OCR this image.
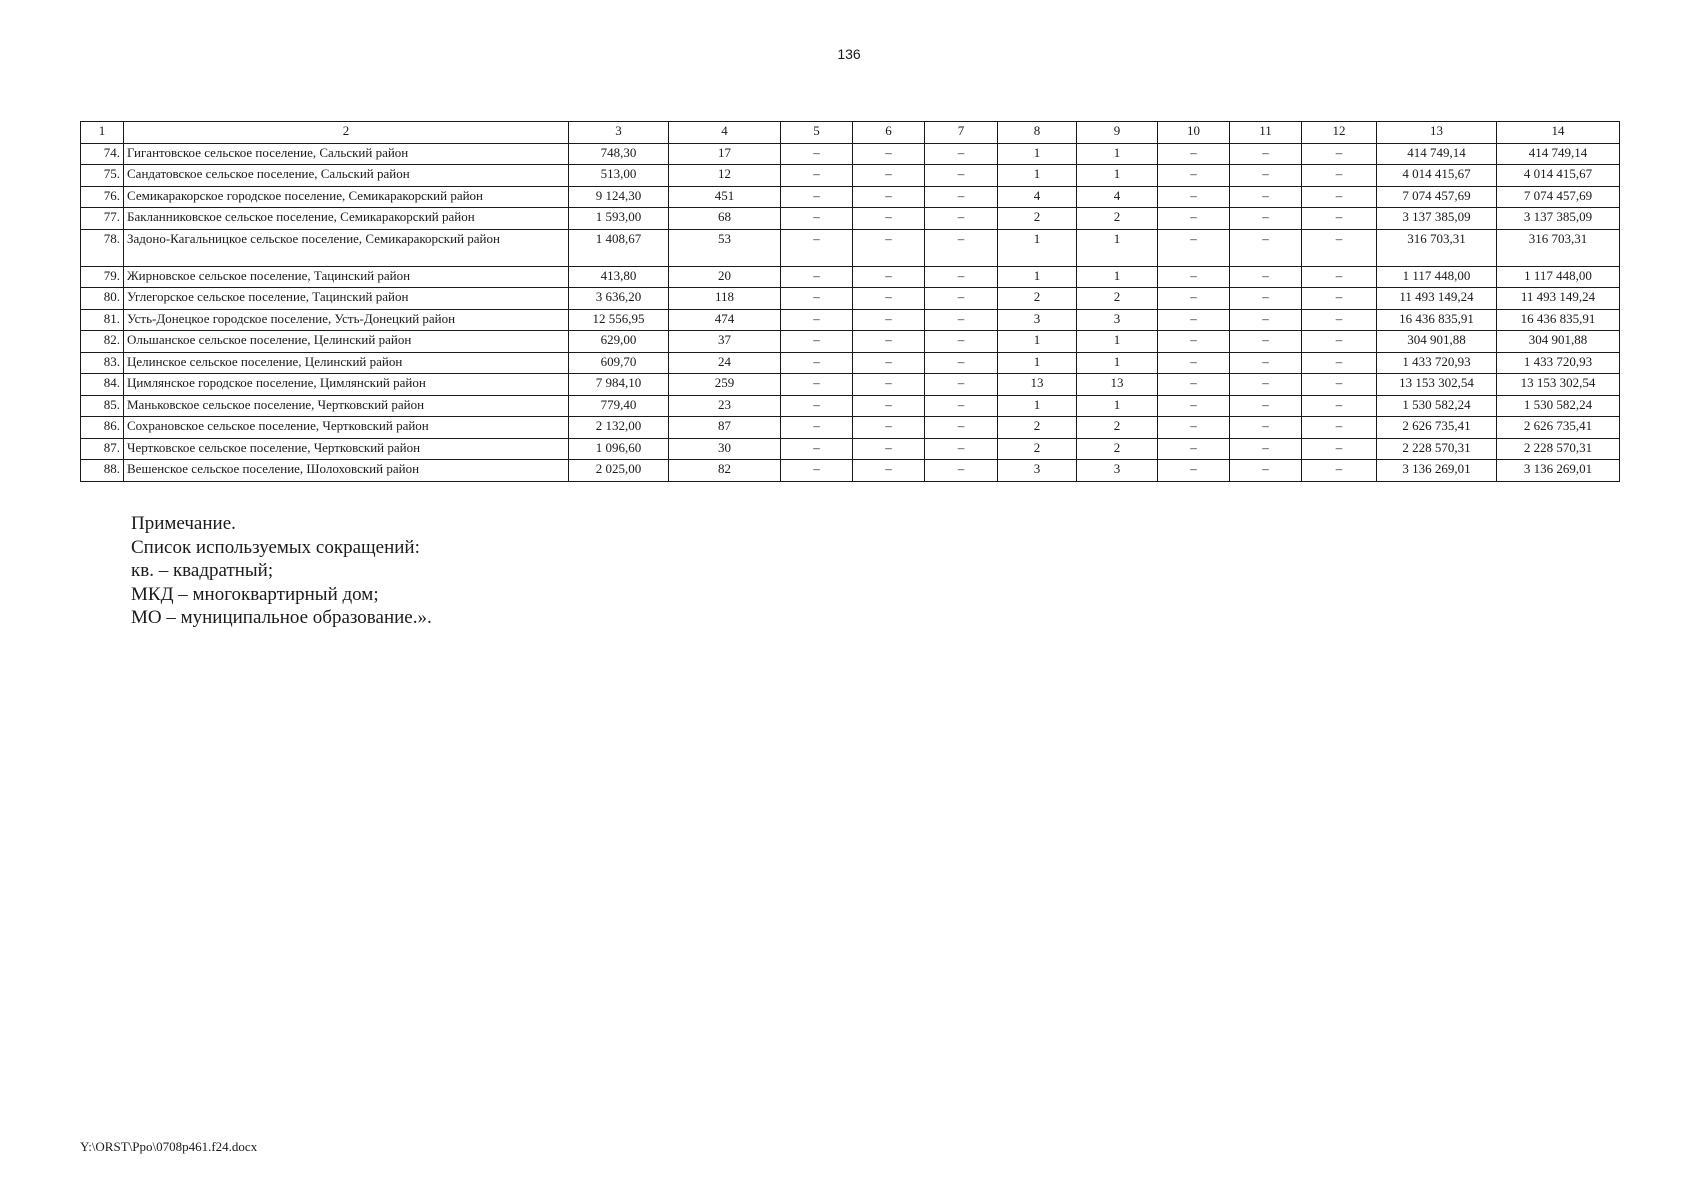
136
1	2	3	4	5	6	7	8	9	10	11	12	13	14
74.	Гигантовское сельское поселение, Сальский район	748,30	17	–	–	–	1	1	–	–	–	414 749,14	414 749,14
75.	Сандатовское сельское поселение, Сальский район	513,00	12	–	–	–	1	1	–	–	–	4 014 415,67	4 014 415,67
76.	Семикаракорское городское поселение, Семикаракорский район	9 124,30	451	–	–	–	4	4	–	–	–	7 074 457,69	7 074 457,69
77.	Бакланниковское сельское поселение, Семикаракорский район	1 593,00	68	–	–	–	2	2	–	–	–	3 137 385,09	3 137 385,09
78.	Задоно-Кагальницкое сельское поселение, Семикаракорский район	1 408,67	53	–	–	–	1	1	–	–	–	316 703,31	316 703,31
79.	Жирновское сельское поселение, Тацинский район	413,80	20	–	–	–	1	1	–	–	–	1 117 448,00	1 117 448,00
80.	Углегорское сельское поселение, Тацинский район	3 636,20	118	–	–	–	2	2	–	–	–	11 493 149,24	11 493 149,24
81.	Усть-Донецкое городское поселение, Усть-Донецкий район	12 556,95	474	–	–	–	3	3	–	–	–	16 436 835,91	16 436 835,91
82.	Ольшанское сельское поселение, Целинский район	629,00	37	–	–	–	1	1	–	–	–	304 901,88	304 901,88
83.	Целинское сельское поселение, Целинский район	609,70	24	–	–	–	1	1	–	–	–	1 433 720,93	1 433 720,93
84.	Цимлянское городское поселение, Цимлянский район	7 984,10	259	–	–	–	13	13	–	–	–	13 153 302,54	13 153 302,54
85.	Маньковское сельское поселение, Чертковский район	779,40	23	–	–	–	1	1	–	–	–	1 530 582,24	1 530 582,24
86.	Сохрановское сельское поселение, Чертковский район	2 132,00	87	–	–	–	2	2	–	–	–	2 626 735,41	2 626 735,41
87.	Чертковское сельское поселение, Чертковский район	1 096,60	30	–	–	–	2	2	–	–	–	2 228 570,31	2 228 570,31
88.	Вешенское сельское поселение, Шолоховский район	2 025,00	82	–	–	–	3	3	–	–	–	3 136 269,01	3 136 269,01
Примечание.
Список используемых сокращений:
кв. – квадратный;
МКД – многоквартирный дом;
МО – муниципальное образование.».
Y:\ORST\Ppo\0708p461.f24.docx
